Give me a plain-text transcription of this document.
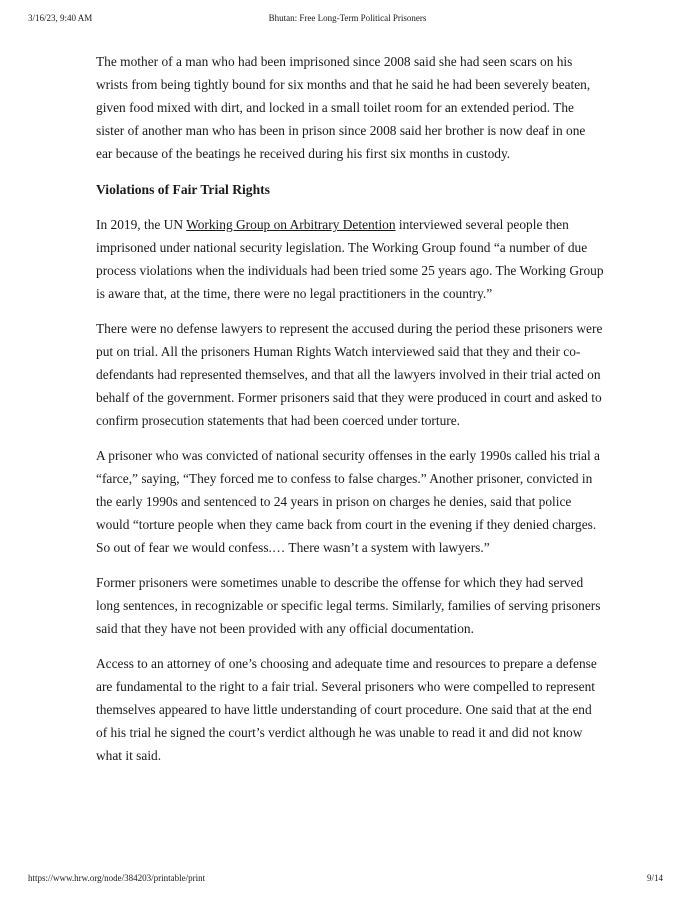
3/16/23, 9:40 AM	Bhutan: Free Long-Term Political Prisoners

The mother of a man who had been imprisoned since 2008 said she had seen scars on his wrists from being tightly bound for six months and that he said he had been severely beaten, given food mixed with dirt, and locked in a small toilet room for an extended period. The sister of another man who has been in prison since 2008 said her brother is now deaf in one ear because of the beatings he received during his first six months in custody.

Violations of Fair Trial Rights

In 2019, the UN Working Group on Arbitrary Detention interviewed several people then imprisoned under national security legislation. The Working Group found “a number of due process violations when the individuals had been tried some 25 years ago. The Working Group is aware that, at the time, there were no legal practitioners in the country.”

There were no defense lawyers to represent the accused during the period these prisoners were put on trial. All the prisoners Human Rights Watch interviewed said that they and their co-defendants had represented themselves, and that all the lawyers involved in their trial acted on behalf of the government. Former prisoners said that they were produced in court and asked to confirm prosecution statements that had been coerced under torture.

A prisoner who was convicted of national security offenses in the early 1990s called his trial a “farce,” saying, “They forced me to confess to false charges.” Another prisoner, convicted in the early 1990s and sentenced to 24 years in prison on charges he denies, said that police would “torture people when they came back from court in the evening if they denied charges. So out of fear we would confess.… There wasn’t a system with lawyers.”

Former prisoners were sometimes unable to describe the offense for which they had served long sentences, in recognizable or specific legal terms. Similarly, families of serving prisoners said that they have not been provided with any official documentation.

Access to an attorney of one’s choosing and adequate time and resources to prepare a defense are fundamental to the right to a fair trial. Several prisoners who were compelled to represent themselves appeared to have little understanding of court procedure. One said that at the end of his trial he signed the court’s verdict although he was unable to read it and did not know what it said.

https://www.hrw.org/node/384203/printable/print	9/14
